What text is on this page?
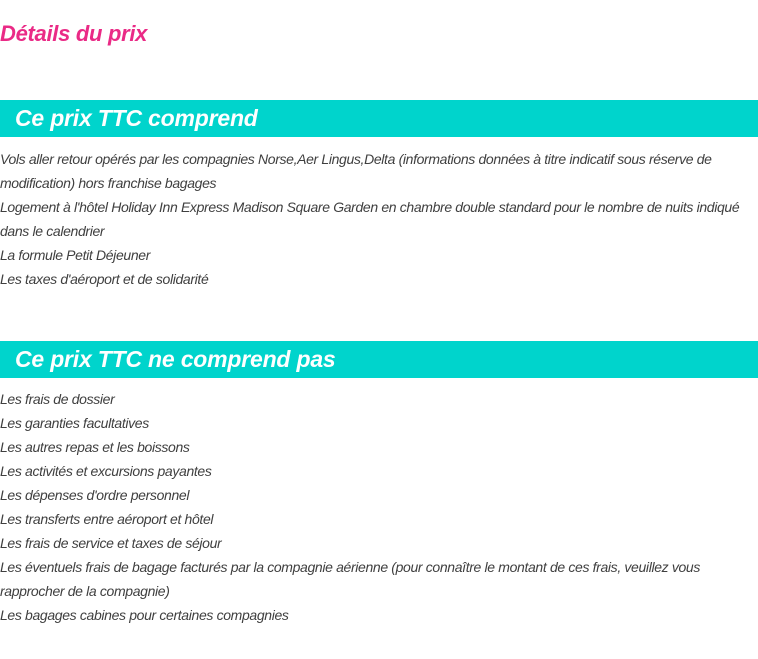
Détails du prix
Ce prix TTC comprend
Vols aller retour opérés par les compagnies Norse,Aer Lingus,Delta (informations données à titre indicatif sous réserve de modification) hors franchise bagages
Logement à l'hôtel Holiday Inn Express Madison Square Garden en chambre double standard pour le nombre de nuits indiqué dans le calendrier
La formule Petit Déjeuner
Les taxes d'aéroport et de solidarité
Ce prix TTC ne comprend pas
Les frais de dossier
Les garanties facultatives
Les autres repas et les boissons
Les activités et excursions payantes
Les dépenses d'ordre personnel
Les transferts entre aéroport et hôtel
Les frais de service et taxes de séjour
Les éventuels frais de bagage facturés par la compagnie aérienne (pour connaître le montant de ces frais, veuillez vous rapprocher de la compagnie)
Les bagages cabines pour certaines compagnies
